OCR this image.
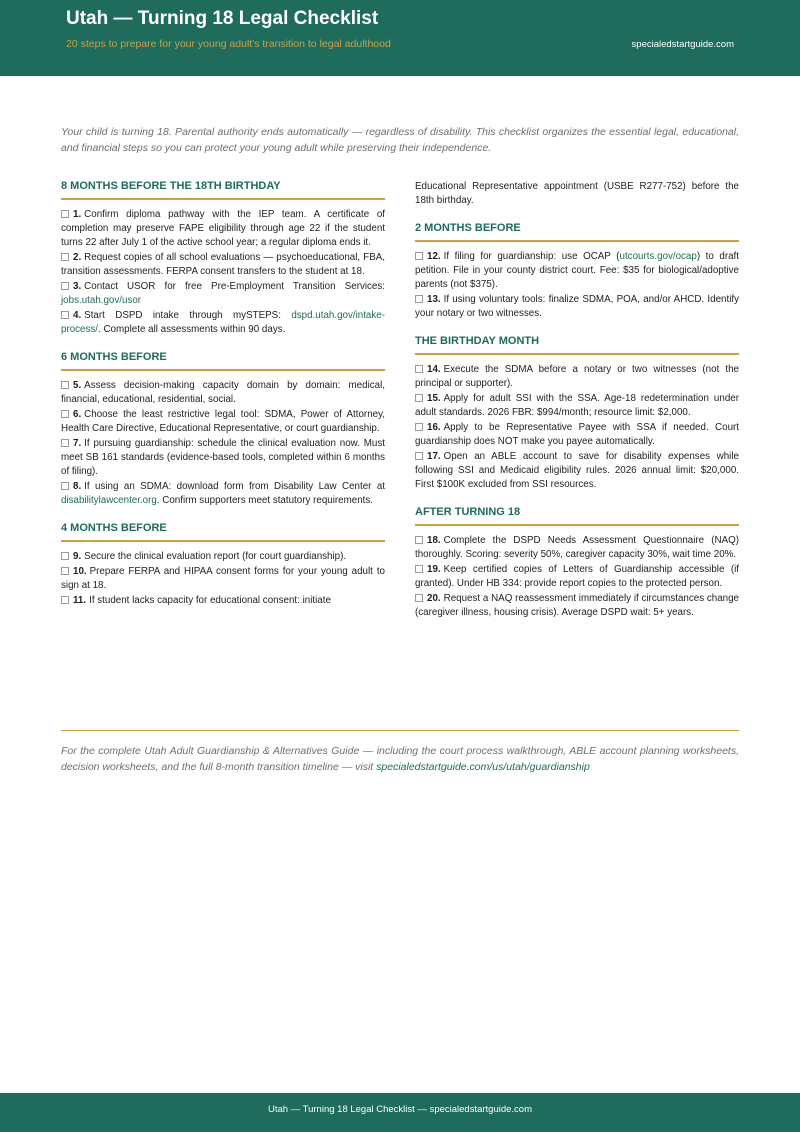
Utah — Turning 18 Legal Checklist
20 steps to prepare for your young adult's transition to legal adulthood	specialedstartguide.com
Your child is turning 18. Parental authority ends automatically — regardless of disability. This checklist organizes the essential legal, educational, and financial steps so you can protect your young adult while preserving their independence.
8 MONTHS BEFORE THE 18TH BIRTHDAY
1. Confirm diploma pathway with the IEP team. A certificate of completion may preserve FAPE eligibility through age 22 if the student turns 22 after July 1 of the active school year; a regular diploma ends it.
2. Request copies of all school evaluations — psychoeducational, FBA, transition assessments. FERPA consent transfers to the student at 18.
3. Contact USOR for free Pre-Employment Transition Services: jobs.utah.gov/usor
4. Start DSPD intake through mySTEPS: dspd.utah.gov/intake-process/. Complete all assessments within 90 days.
6 MONTHS BEFORE
5. Assess decision-making capacity domain by domain: medical, financial, educational, residential, social.
6. Choose the least restrictive legal tool: SDMA, Power of Attorney, Health Care Directive, Educational Representative, or court guardianship.
7. If pursuing guardianship: schedule the clinical evaluation now. Must meet SB 161 standards (evidence-based tools, completed within 6 months of filing).
8. If using an SDMA: download form from Disability Law Center at disabilitylawcenter.org. Confirm supporters meet statutory requirements.
4 MONTHS BEFORE
9. Secure the clinical evaluation report (for court guardianship).
10. Prepare FERPA and HIPAA consent forms for your young adult to sign at 18.
11. If student lacks capacity for educational consent: initiate
Educational Representative appointment (USBE R277-752) before the 18th birthday.
2 MONTHS BEFORE
12. If filing for guardianship: use OCAP (utcourts.gov/ocap) to draft petition. File in your county district court. Fee: $35 for biological/adoptive parents (not $375).
13. If using voluntary tools: finalize SDMA, POA, and/or AHCD. Identify your notary or two witnesses.
THE BIRTHDAY MONTH
14. Execute the SDMA before a notary or two witnesses (not the principal or supporter).
15. Apply for adult SSI with the SSA. Age-18 redetermination under adult standards. 2026 FBR: $994/month; resource limit: $2,000.
16. Apply to be Representative Payee with SSA if needed. Court guardianship does NOT make you payee automatically.
17. Open an ABLE account to save for disability expenses while following SSI and Medicaid eligibility rules. 2026 annual limit: $20,000. First $100K excluded from SSI resources.
AFTER TURNING 18
18. Complete the DSPD Needs Assessment Questionnaire (NAQ) thoroughly. Scoring: severity 50%, caregiver capacity 30%, wait time 20%.
19. Keep certified copies of Letters of Guardianship accessible (if granted). Under HB 334: provide report copies to the protected person.
20. Request a NAQ reassessment immediately if circumstances change (caregiver illness, housing crisis). Average DSPD wait: 5+ years.
For the complete Utah Adult Guardianship & Alternatives Guide — including the court process walkthrough, ABLE account planning worksheets, decision worksheets, and the full 8-month transition timeline — visit specialedstartguide.com/us/utah/guardianship
Utah — Turning 18 Legal Checklist — specialedstartguide.com
